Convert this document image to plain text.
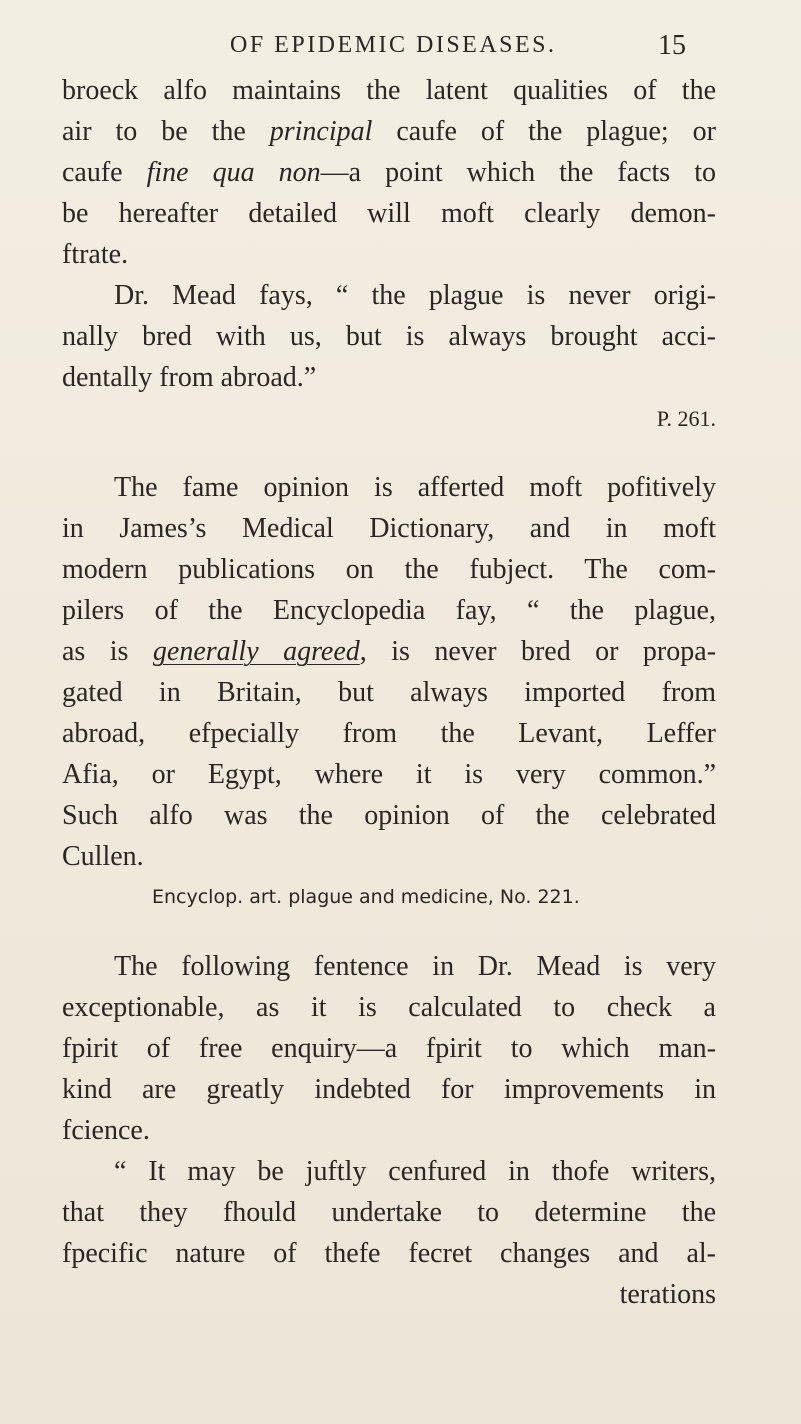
OF EPIDEMIC DISEASES.	15
broeck alfo maintains the latent qualities of the
air to be the principal caufe of the plague; or
caufe fine qua non—a point which the facts to
be hereafter detailed will moft clearly demon-
ftrate.
Dr. Mead fays, “ the plague is never origi-
nally bred with us, but is always brought acci-
dentally from abroad.”
P. 261.
The fame opinion is afferted moft pofitively
in James’s Medical Dictionary, and in moft
modern publications on the fubject. The com-
pilers of the Encyclopedia fay, “ the plague,
as is generally agreed, is never bred or propa-
gated in Britain, but always imported from
abroad, efpecially from the Levant, Leffer
Afia, or Egypt, where it is very common.”
Such alfo was the opinion of the celebrated
Cullen.
Encyclop. art. plague and medicine, No. 221.
The following fentence in Dr. Mead is very
exceptionable, as it is calculated to check a
fpirit of free enquiry—a fpirit to which man-
kind are greatly indebted for improvements in
fcience.
“ It may be juftly cenfured in thofe writers,
that they fhould undertake to determine the
fpecific nature of thefe fecret changes and al-
terations
